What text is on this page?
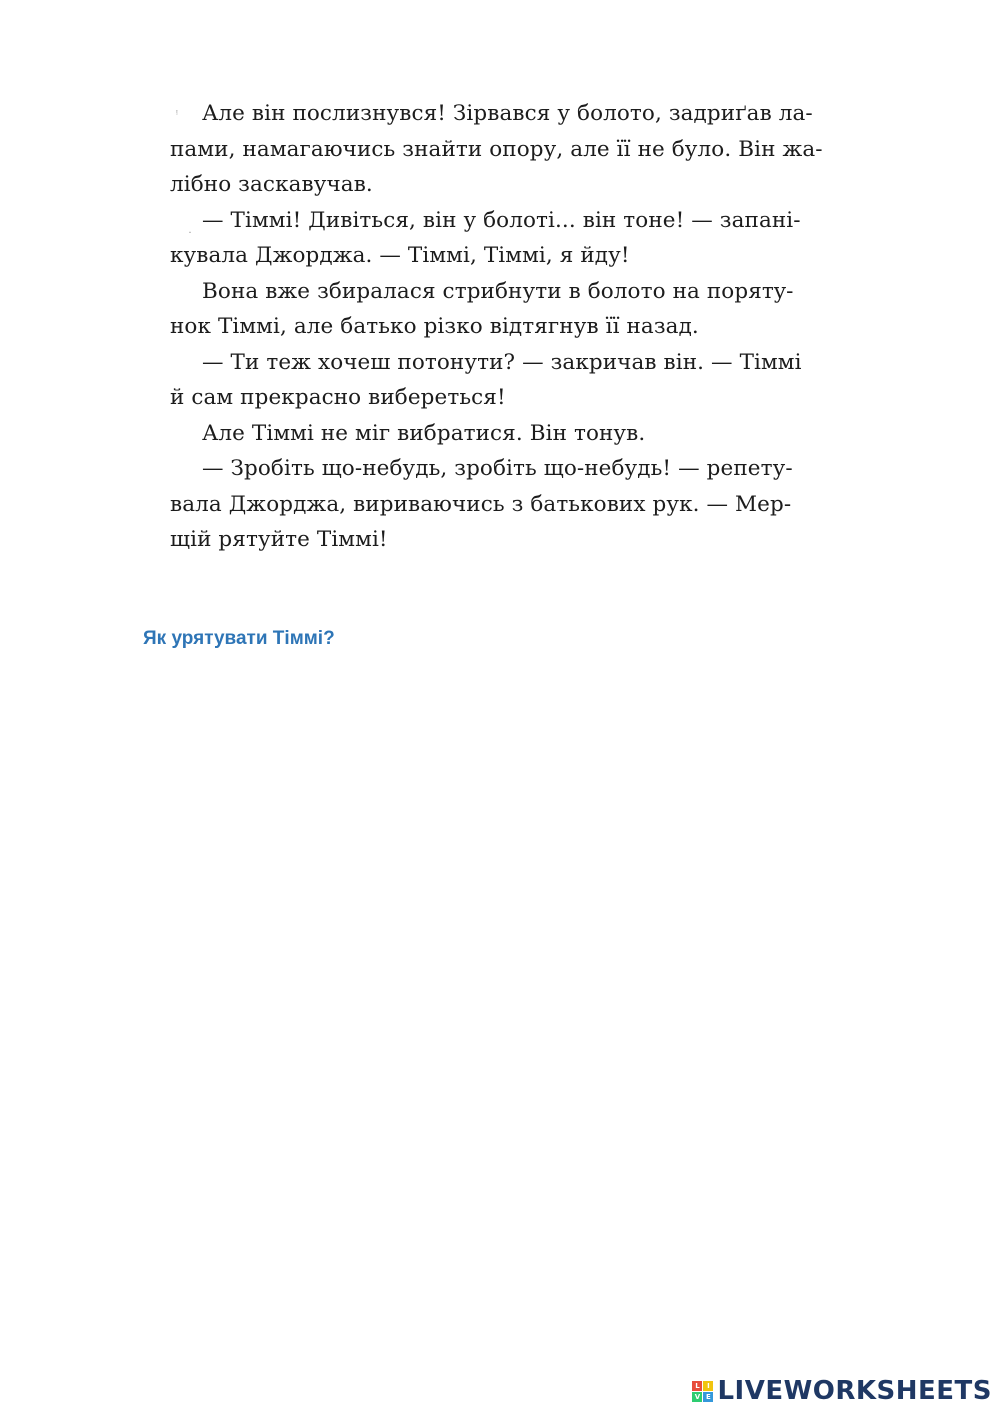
ᵎ
·
Але він послизнувся! Зірвався у болото, задриґав ла-
пами, намагаючись знайти опору, але її не було. Він жа-
лібно заскавучав.
— Тіммі! Дивіться, він у болоті... він тоне! — запані-
кувала Джорджа. — Тіммі, Тіммі, я йду!
Вона вже збиралася стрибнути в болото на порятy-
нок Тіммі, але батько різко відтягнув її назад.
— Ти теж хочеш потонути? — закричав він. — Тіммі
й сам прекрасно вибереться!
Але Тіммі не міг вибратися. Він тонув.
— Зробіть що-небудь, зробіть що-небудь! — репету-
вала Джорджа, вириваючись з батькових рук. — Мер-
щій рятуйте Тіммі!
Як урятувати Тіммі?
L	I
V E LIVEWORKSHEETS
